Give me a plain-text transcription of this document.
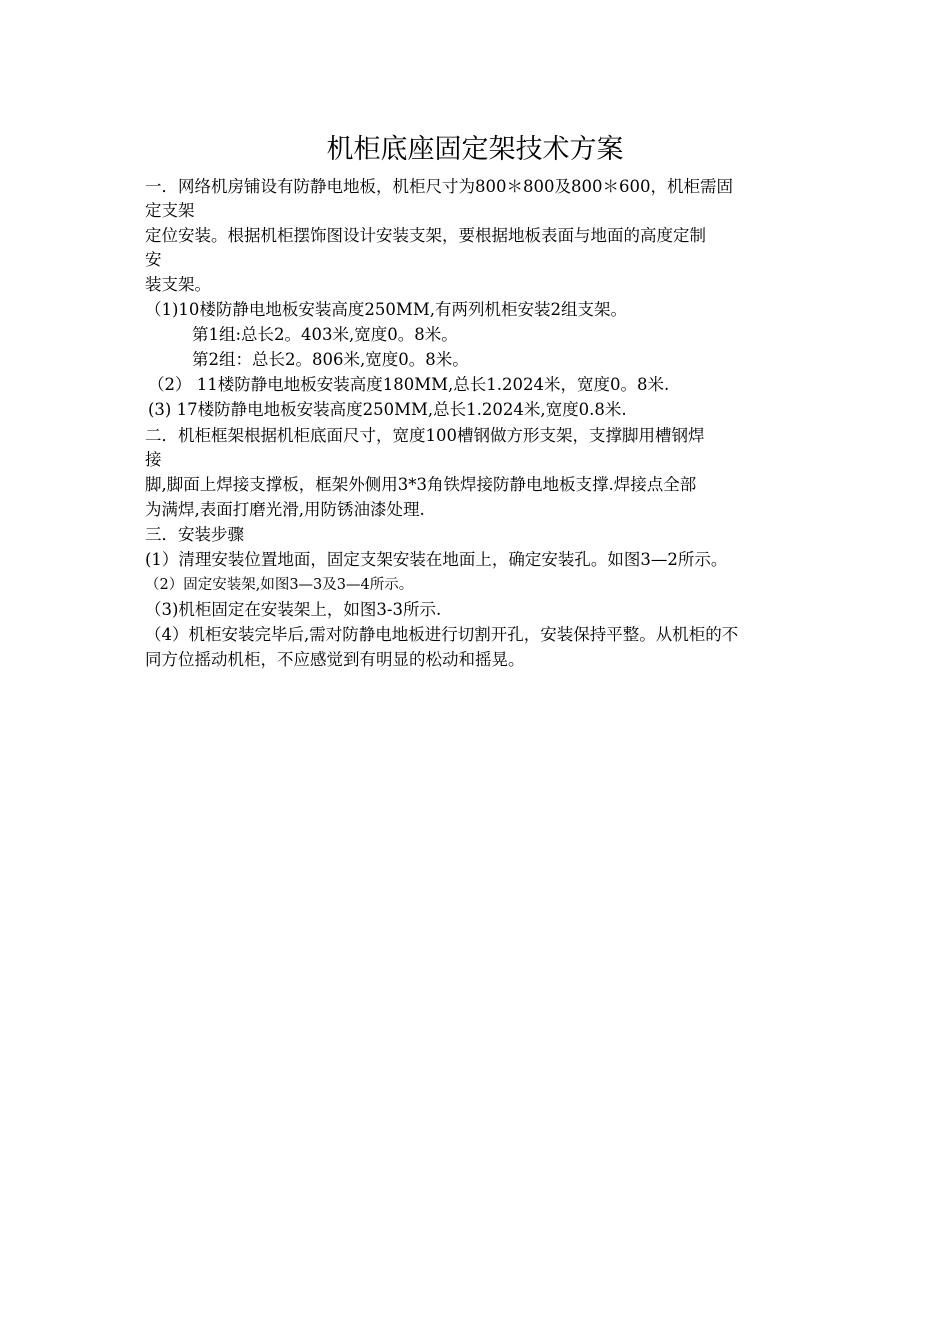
机柜底座固定架技术方案
一．网络机房铺设有防静电地板，机柜尺寸为800＊800及800＊600，机柜需固
定支架
定位安装。根据机柜摆饰图设计安装支架，要根据地板表面与地面的高度定制
安
装支架。
（1)10楼防静电地板安装高度250MM,有两列机柜安装2组支架。
第1组:总长2。403米,宽度0。8米。
第2组：总长2。806米,宽度0。8米。
（2） 11楼防静电地板安装高度180MM,总长1.2024米，宽度0。8米.
(3) 17楼防静电地板安装高度250MM,总长1.2024米,宽度0.8米.
二．机柜框架根据机柜底面尺寸，宽度100槽钢做方形支架，支撑脚用槽钢焊
接
脚,脚面上焊接支撑板，框架外侧用3*3角铁焊接防静电地板支撑.焊接点全部
为满焊,表面打磨光滑,用防锈油漆处理.
三．安装步骤
(1）清理安装位置地面，固定支架安装在地面上，确定安装孔。如图3—2所示。
（2）固定安装架,如图3—3及3—4所示。
（3)机柜固定在安装架上，如图3-3所示.
（4）机柜安装完毕后,需对防静电地板进行切割开孔，安装保持平整。从机柜的不
同方位摇动机柜，不应感觉到有明显的松动和摇晃。
